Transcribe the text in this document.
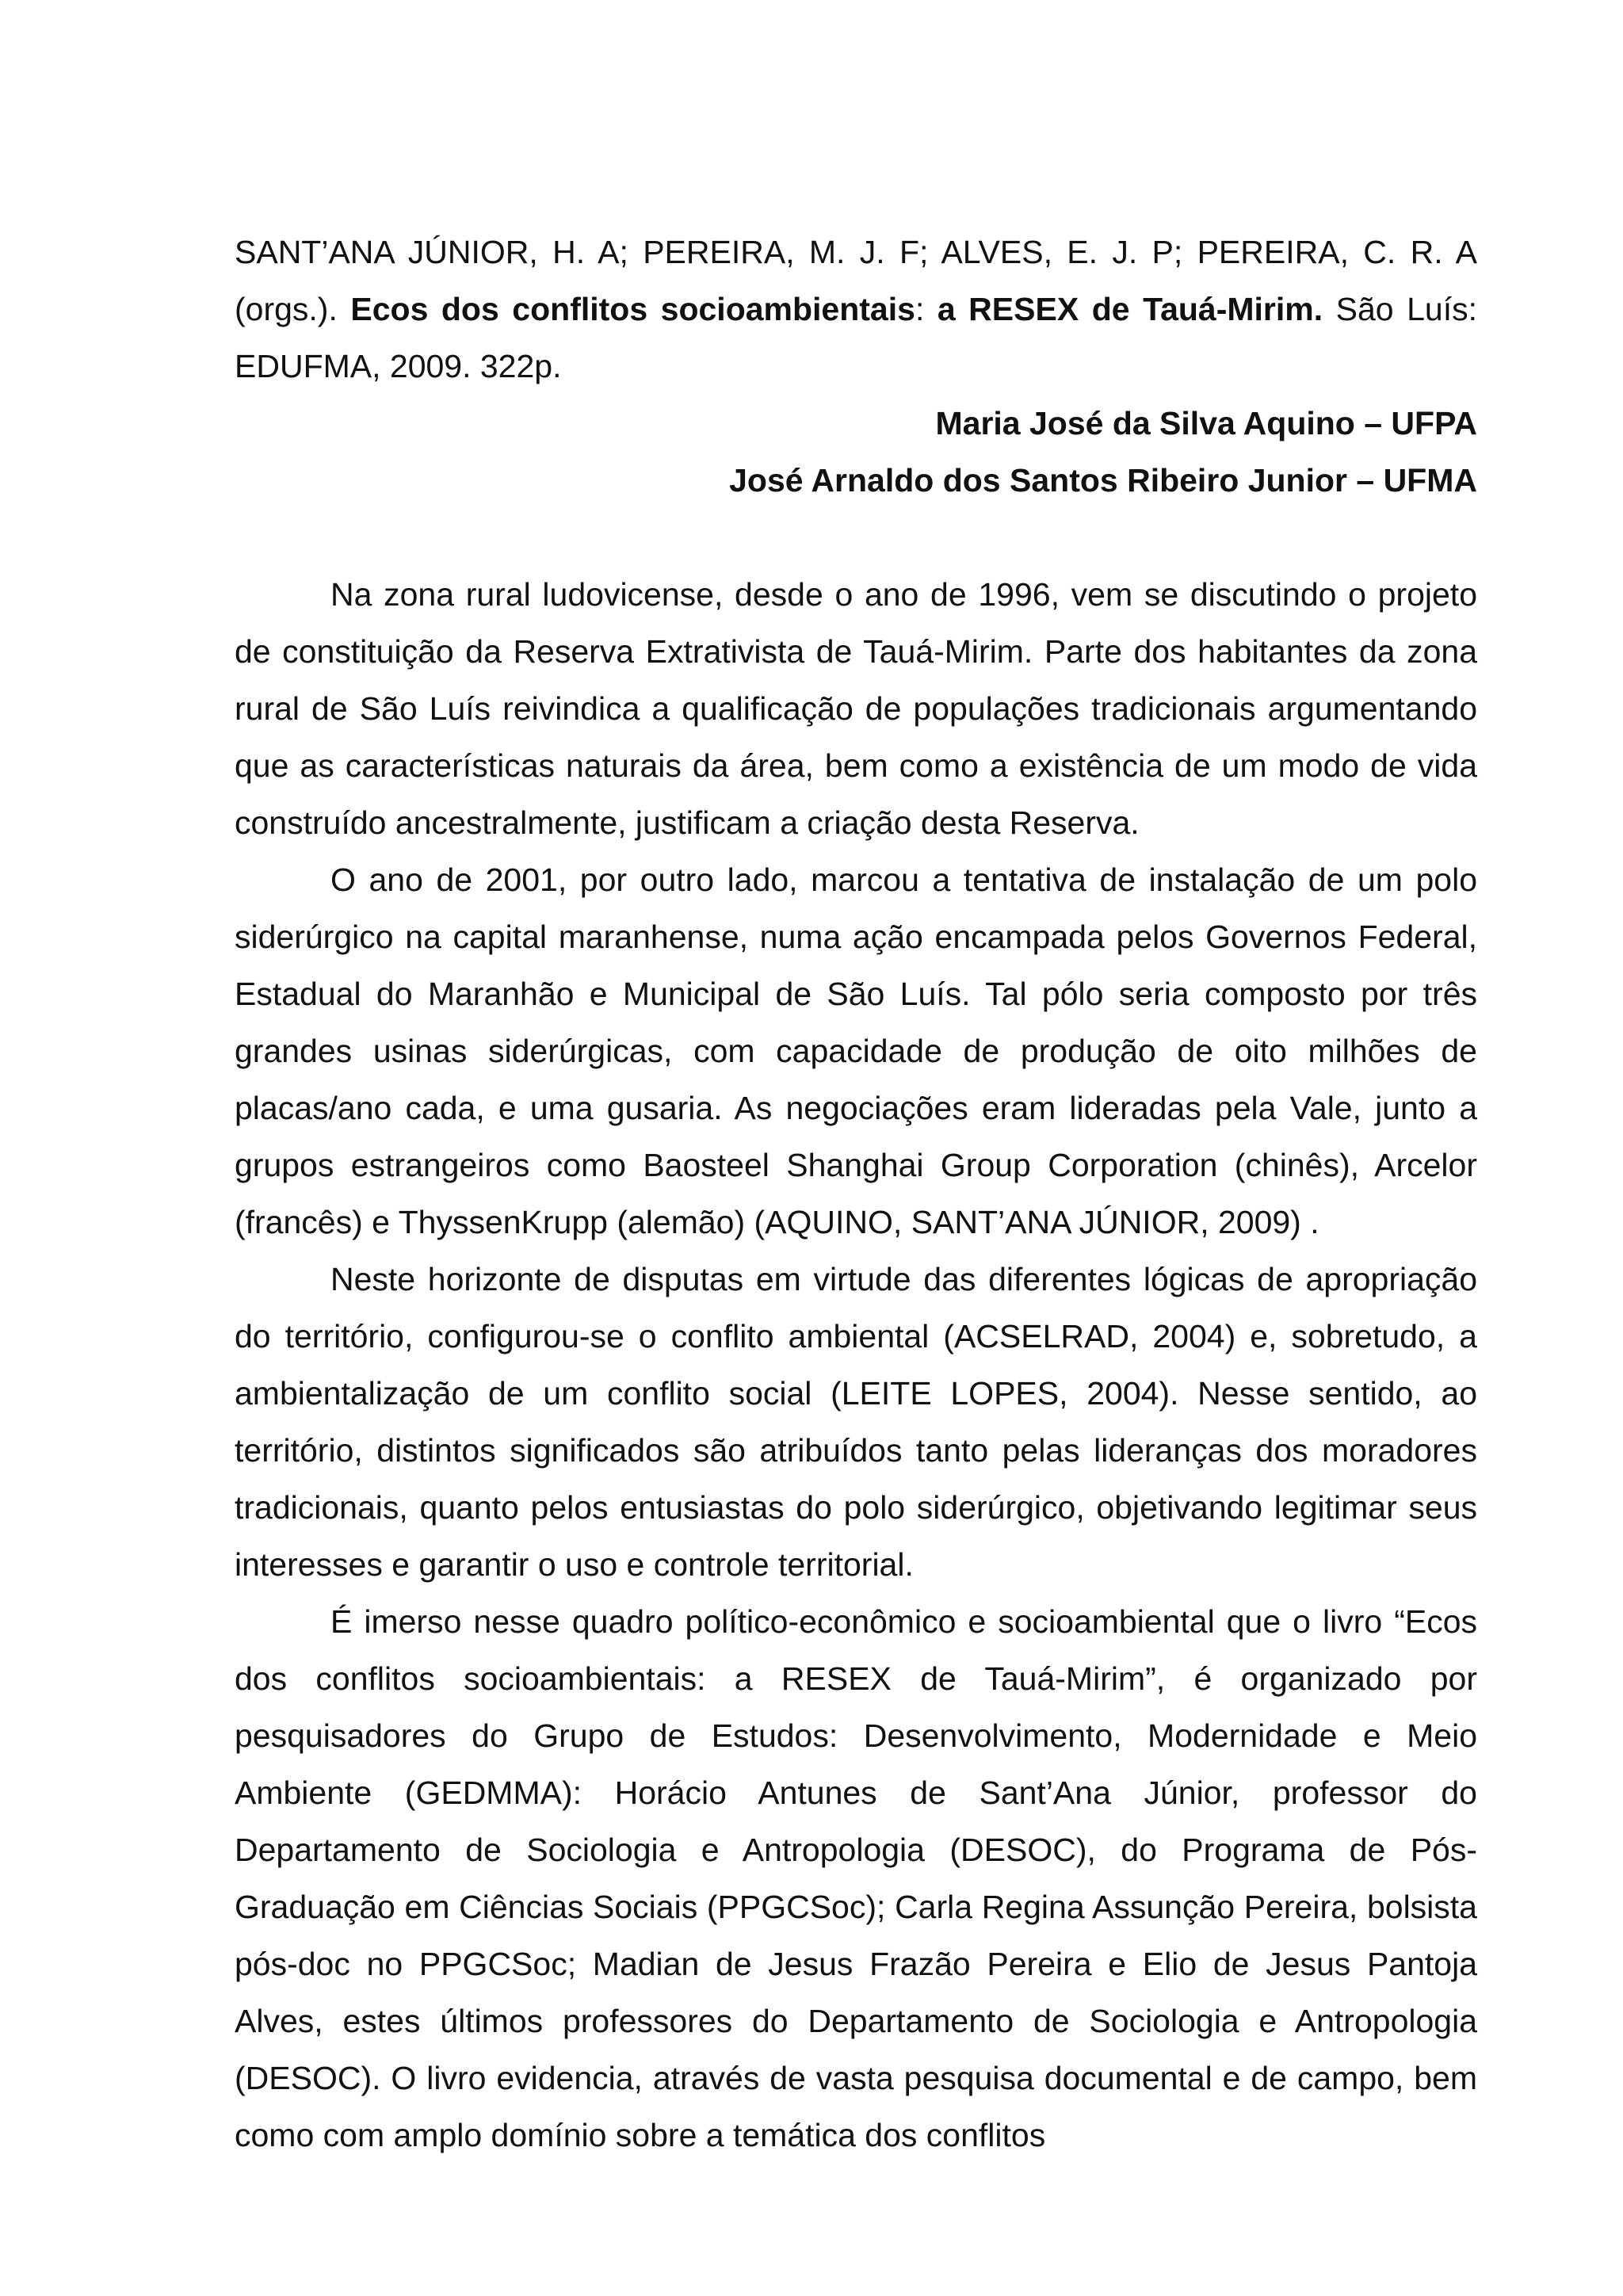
SANT’ANA JÚNIOR, H. A; PEREIRA, M. J. F; ALVES, E. J. P; PEREIRA, C. R. A (orgs.). Ecos dos conflitos socioambientais: a RESEX de Tauá-Mirim. São Luís: EDUFMA, 2009. 322p.

Maria José da Silva Aquino – UFPA

José Arnaldo dos Santos Ribeiro Junior – UFMA

Na zona rural ludovicense, desde o ano de 1996, vem se discutindo o projeto de constituição da Reserva Extrativista de Tauá-Mirim. Parte dos habitantes da zona rural de São Luís reivindica a qualificação de populações tradicionais argumentando que as características naturais da área, bem como a existência de um modo de vida construído ancestralmente, justificam a criação desta Reserva.

O ano de 2001, por outro lado, marcou a tentativa de instalação de um polo siderúrgico na capital maranhense, numa ação encampada pelos Governos Federal, Estadual do Maranhão e Municipal de São Luís. Tal pólo seria composto por três grandes usinas siderúrgicas, com capacidade de produção de oito milhões de placas/ano cada, e uma gusaria. As negociações eram lideradas pela Vale, junto a grupos estrangeiros como Baosteel Shanghai Group Corporation (chinês), Arcelor (francês) e ThyssenKrupp (alemão) (AQUINO, SANT’ANA JÚNIOR, 2009) .

Neste horizonte de disputas em virtude das diferentes lógicas de apropriação do território, configurou-se o conflito ambiental (ACSELRAD, 2004) e, sobretudo, a ambientalização de um conflito social (LEITE LOPES, 2004). Nesse sentido, ao território, distintos significados são atribuídos tanto pelas lideranças dos moradores tradicionais, quanto pelos entusiastas do polo siderúrgico, objetivando legitimar seus interesses e garantir o uso e controle territorial.

É imerso nesse quadro político-econômico e socioambiental que o livro “Ecos dos conflitos socioambientais: a RESEX de Tauá-Mirim”, é organizado por pesquisadores do Grupo de Estudos: Desenvolvimento, Modernidade e Meio Ambiente (GEDMMA): Horácio Antunes de Sant’Ana Júnior, professor do Departamento de Sociologia e Antropologia (DESOC), do Programa de Pós-Graduação em Ciências Sociais (PPGCSoc); Carla Regina Assunção Pereira, bolsista pós-doc no PPGCSoc; Madian de Jesus Frazão Pereira e Elio de Jesus Pantoja Alves, estes últimos professores do Departamento de Sociologia e Antropologia (DESOC). O livro evidencia, através de vasta pesquisa documental e de campo, bem como com amplo domínio sobre a temática dos conflitos
